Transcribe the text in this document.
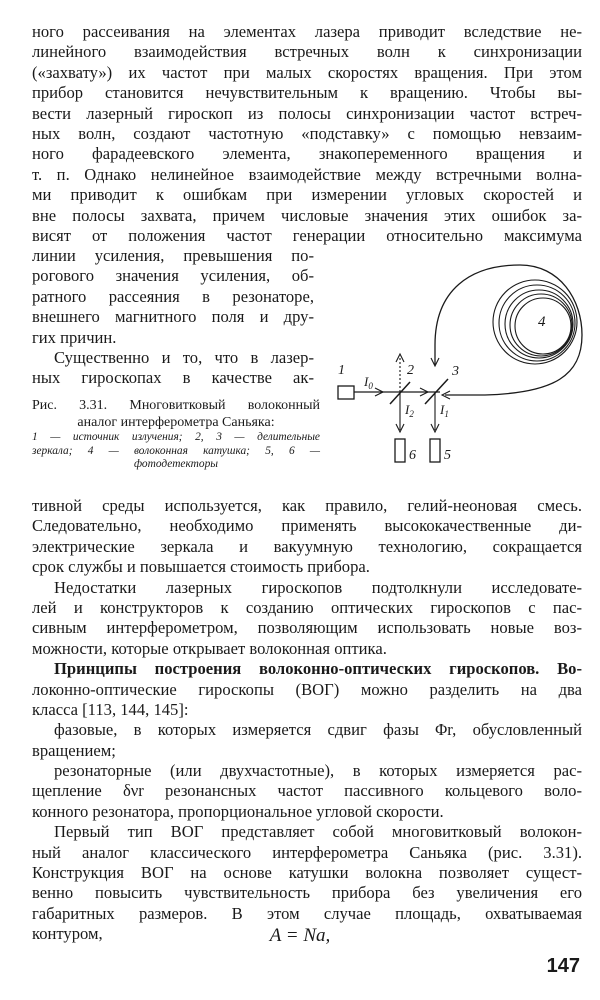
ного рассеивания на элементах лазера приводит вследствие не-
линейного взаимодействия встречных волн к синхронизации
(«захвату») их частот при малых скоростях вращения. При этом
прибор становится нечувствительным к вращению. Чтобы вы-
вести лазерный гироскоп из полосы синхронизации частот встреч-
ных волн, создают частотную «подставку» с помощью невзаим-
ного фарадеевского элемента, знакопеременного вращения и
т. п. Однако нелинейное взаимодействие между встречными волна-
ми приводит к ошибкам при измерении угловых скоростей и
вне полосы захвата, причем числовые значения этих ошибок за-
висят от положения частот генерации относительно максимума
линии усиления, превышения по-
рогового значения усиления, об-
ратного рассеяния в резонаторе,
внешнего магнитного поля и дру-
гих причин.
Существенно и то, что в лазер-
ных гироскопах в качестве ак-
Рис. 3.31. Многовитковый волоконный
аналог интерферометра Саньяка:
1 — источник излучения; 2, 3 — делительные
зеркала; 4 — волоконная катушка; 5, 6 —
фотодетекторы
4
1
$I_0$
2
$I_2$
6
3
$I_1$
5
тивной среды используется, как правило, гелий-неоновая смесь.
Следовательно, необходимо применять высококачественные ди-
электрические зеркала и вакуумную технологию, сокращается
срок службы и повышается стоимость прибора.
Недостатки лазерных гироскопов подтолкнули исследовате-
лей и конструкторов к созданию оптических гироскопов с пас-
сивным интерферометром, позволяющим использовать новые воз-
можности, которые открывает волоконная оптика.
Принципы построения волоконно-оптических гироскопов. Во-
локонно-оптические гироскопы (ВОГ) можно разделить на два
класса [113, 144, 145]:
фазовые, в которых измеряется сдвиг фазы Φr, обусловленный
вращением;
резонаторные (или двухчастотные), в которых измеряется рас-
щепление δνr резонансных частот пассивного кольцевого воло-
конного резонатора, пропорциональное угловой скорости.
Первый тип ВОГ представляет собой многовитковый волокон-
ный аналог классического интерферометра Саньяка (рис. 3.31).
Конструкция ВОГ на основе катушки волокна позволяет сущест-
венно повысить чувствительность прибора без увеличения его
габаритных размеров. В этом случае площадь, охватываемая
контуром,	A = Na,
147
